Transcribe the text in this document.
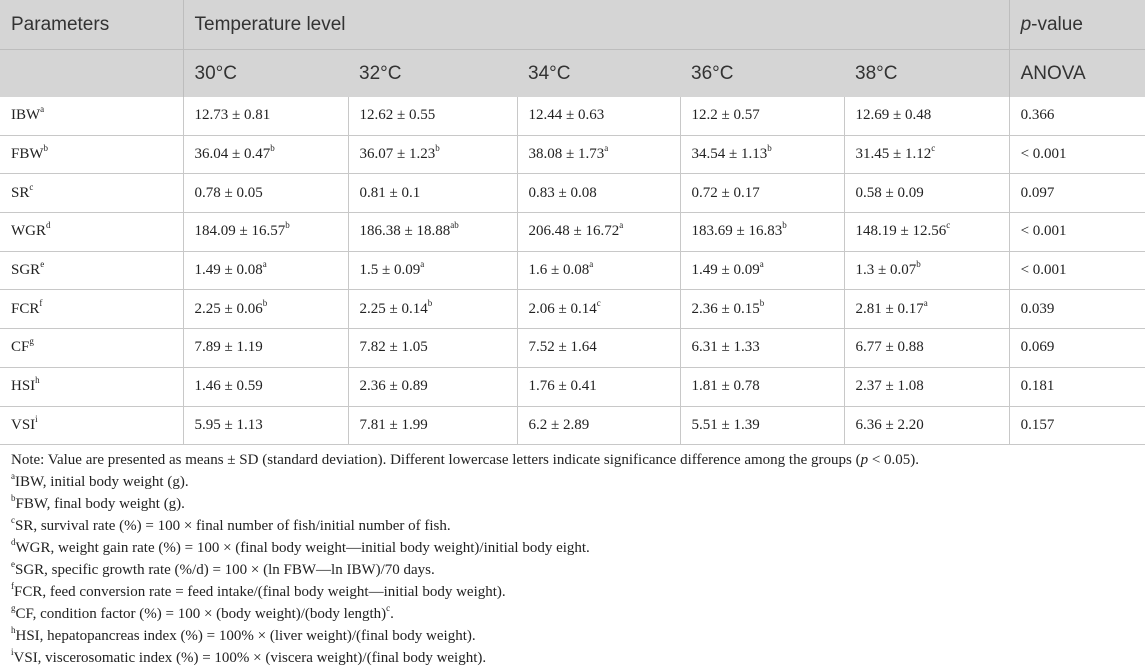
Parameters	Temperature level					p-value
	30°C	32°C	34°C	36°C	38°C	ANOVA
IBW$^a$	12.73 ± 0.81	12.62 ± 0.55	12.44 ± 0.63	12.2 ± 0.57	12.69 ± 0.48	0.366
FBW$^b$	36.04 ± 0.47$^b$	36.07 ± 1.23$^b$	38.08 ± 1.73$^a$	34.54 ± 1.13$^b$	31.45 ± 1.12$^c$	< 0.001
$SR^c$	0.78 ± 0.05	0.81 ± 0.1	0.83 ± 0.08	0.72 ± 0.17	0.58 ± 0.09	0.097
WGR$^d$	184.09 ± 16.57$^b$	186.38 ± 18.88$^{ab}$	206.48 ± 16.72$^a$	183.69 ± 16.83$^b$	148.19 ± 12.56$^c$	< 0.001
SGR$^e$	1.49 ± 0.08$^a$	1.5 ± 0.09$^a$	1.6 ± 0.08$^a$	1.49 ± 0.09$^a$	1.3 ± 0.07$^b$	< 0.001
FCR$^f$	2.25 ± 0.06$^b$	2.25 ± 0.14$^b$	2.06 ± 0.14$^c$	2.36 ± 0.15$^b$	2.81 ± 0.17$^a$	0.039
$CF^g$	7.89 ± 1.19	7.82 ± 1.05	7.52 ± 1.64	6.31 ± 1.33	6.77 ± 0.88	0.069
HSI$^h$	1.46 ± 0.59	2.36 ± 0.89	1.76 ± 0.41	1.81 ± 0.78	2.37 ± 1.08	0.181
VSI$^i$	5.95 ± 1.13	7.81 ± 1.99	6.2 ± 2.89	5.51 ± 1.39	6.36 ± 2.20	0.157
Note: Value are presented as means ± SD (standard deviation). Different lowercase letters indicate significance difference among the groups (p < 0.05).
$^a$IBW, initial body weight (g).
$^b$FBW, final body weight (g).
$^c$SR, survival rate (%) = 100 × final number of fish/initial number of fish.
$^d$WGR, weight gain rate (%) = 100 × (final body weight—initial body weight)/initial body eight.
$^e$SGR, specific growth rate (%/d) = 100 × (ln FBW—ln IBW)/70 days.
$^f$FCR, feed conversion rate = feed intake/(final body weight—initial body weight).
$^g$CF, condition factor (%) = 100 × (body weight)/(body length)$^c$.
$^h$HSI, hepatopancreas index (%) = 100% × (liver weight)/(final body weight).
$^i$VSI, viscerosomatic index (%) = 100% × (viscera weight)/(final body weight).
